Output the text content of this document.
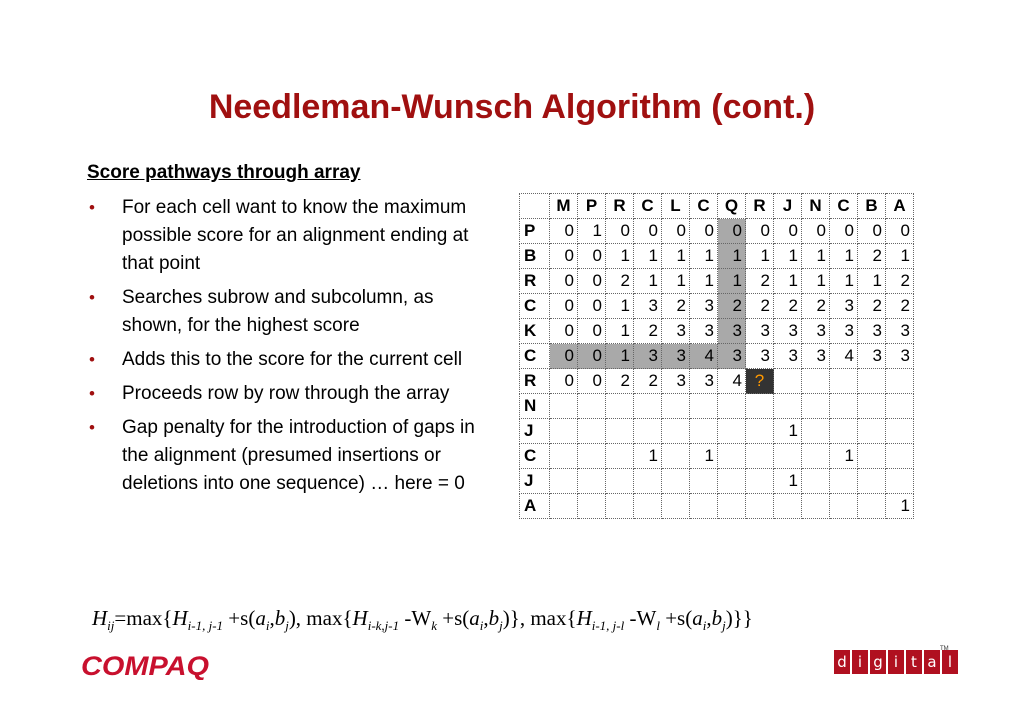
Needleman-Wunsch Algorithm (cont.)
Score pathways through array
• For each cell want to know the maximum possible score for an alignment ending at that point
• Searches subrow and subcolumn, as shown, for the highest score
• Adds this to the score for the current cell
• Proceeds row by row through the array
• Gap penalty for the introduction of gaps in the alignment (presumed insertions or deletions into one sequence) … here = 0
	M	P	R	C	L	C	Q	R	J	N	C	B	A
P	0	1	0	0	0	0	0	0	0	0	0	0	0
B	0	0	1	1	1	1	1	1	1	1	1	2	1
R	0	0	2	1	1	1	1	2	1	1	1	1	2
C	0	0	1	3	2	3	2	2	2	2	3	2	2
K	0	0	1	2	3	3	3	3	3	3	3	3	3
C	0	0	1	3	3	4	3	3	3	3	4	3	3
R	0	0	2	2	3	3	4	?					
N													
J									1				
C				1		1					1		
J									1				
A													1
$H_{ij}=\max\{H_{i-1, j-1} +s(a_i,b_j)$, $\max\{H_{i-k,j-1}$ $-W_k +s(a_i,b_j)$}, $\max\{H_{i-1, j-l}$ $-W_l +s(a_i,b_j)$}}
COMPAQ	d i g i t a l
TM
